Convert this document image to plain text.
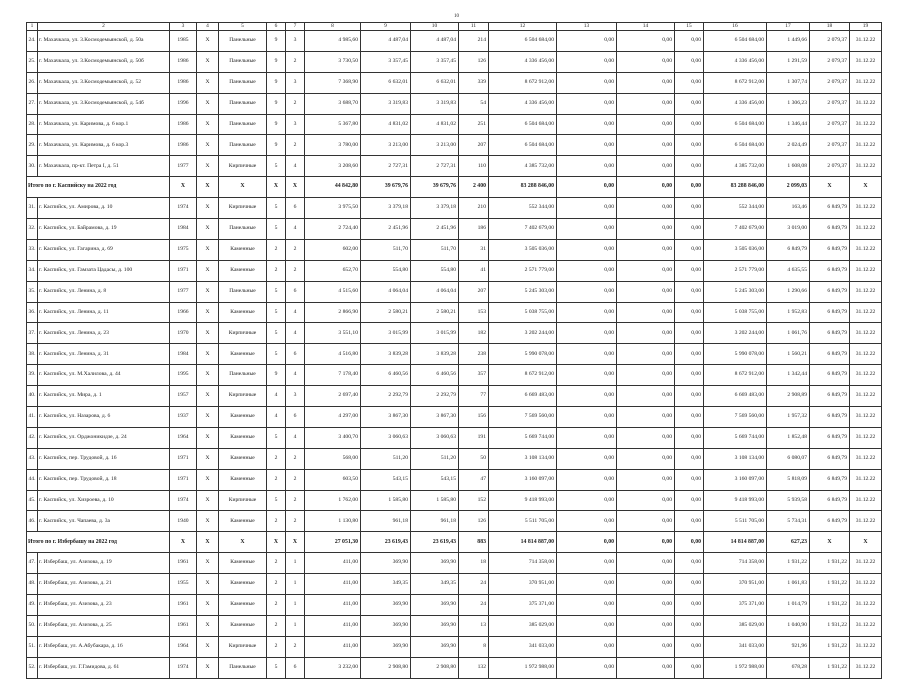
10
1	2	3	4	5	6	7	8	9	10	11	12	13	14	15	16	17	18	19
24.	г. Махачкала, ул. 3.Космодемьянской, д. 50а	1985	X	Панельные	9	3	4 985,60	4 487,04	4 487,04	214	6 504 684,00	0,00	0,00	0,00	6 504 684,00	1 449,66	2 079,37	31.12.22
25.	г. Махачкала, ул. 3.Космодемьянской, д. 50б	1986	X	Панельные	9	2	3 730,50	3 357,45	3 357,45	126	4 336 456,00	0,00	0,00	0,00	4 336 456,00	1 291,59	2 079,37	31.12.22
26.	г. Махачкала, ул. 3.Космодемьянской, д. 52	1986	X	Панельные	9	3	7 368,90	6 632,01	6 632,01	339	8 672 912,00	0,00	0,00	0,00	8 672 912,00	1 307,74	2 079,37	31.12.22
27.	г. Махачкала, ул. 3.Космодемьянской, д. 54б	1996	X	Панельные	9	2	3 688,70	3 319,83	3 319,83	54	4 336 456,00	0,00	0,00	0,00	4 336 456,00	1 306,23	2 079,37	31.12.22
28.	г. Махачкала, ул. Каримова, д. 6 кор.1	1986	X	Панельные	9	3	5 367,80	4 831,02	4 831,02	251	6 504 684,00	0,00	0,00	0,00	6 504 684,00	1 346,44	2 079,37	31.12.22
29.	г. Махачкала, ул. Каримова, д. 6 кор.3	1986	X	Панельные	9	2	3 780,00	3 213,00	3 213,00	207	6 504 684,00	0,00	0,00	0,00	6 504 684,00	2 024,49	2 079,37	31.12.22
30.	г. Махачкала, пр-кт. Петра I, д. 51	1977	X	Кирпичные	5	4	3 208,60	2 727,31	2 727,31	110	4 385 732,00	0,00	0,00	0,00	4 385 732,00	1 608,08	2 079,37	31.12.22
Итого по г. Каспийску на 2022 год		X	X	X	X	X	44 842,80	39 679,76	39 679,76	2 400	83 288 846,00	0,00	0,00	0,00	83 288 846,00	2 099,03	X	X
31.	г. Каспийск, ул. Амирова, д. 10	1974	X	Кирпичные	5	6	3 975,50	3 379,18	3 379,18	210	552 344,00	0,00	0,00	0,00	552 344,00	163,46	6 849,79	31.12.22
32.	г. Каспийск, ул. Байрамова, д. 19	1984	X	Панельные	5	4	2 724,40	2 451,96	2 451,96	186	7 402 679,00	0,00	0,00	0,00	7 402 679,00	3 019,00	6 849,79	31.12.22
33.	г. Каспийск, ул. Гагарина, д. 69	1975	X	Каменные	2	2	602,00	511,70	511,70	31	3 505 036,00	0,00	0,00	0,00	3 505 036,00	6 849,79	6 849,79	31.12.22
34.	г. Каспийск, ул. Гамзата Цадасы, д. 100	1971	X	Каменные	2	2	652,70	554,80	554,80	41	2 571 779,00	0,00	0,00	0,00	2 571 779,00	4 635,55	6 849,79	31.12.22
35.	г. Каспийск, ул. Ленина, д. 8	1977	X	Панельные	5	6	4 515,60	4 064,04	4 064,04	207	5 245 303,00	0,00	0,00	0,00	5 245 303,00	1 290,66	6 849,79	31.12.22
36.	г. Каспийск, ул. Ленина, д. 11	1966	X	Каменные	5	4	2 866,90	2 580,21	2 580,21	153	5 038 755,00	0,00	0,00	0,00	5 038 755,00	1 952,83	6 849,79	31.12.22
37.	г. Каспийск, ул. Ленина, д. 23	1970	X	Кирпичные	5	4	3 551,10	3 015,99	3 015,99	182	3 202 244,00	0,00	0,00	0,00	3 202 244,00	1 061,76	6 849,79	31.12.22
38.	г. Каспийск, ул. Ленина, д. 31	1984	X	Каменные	5	6	4 516,80	3 839,28	3 839,28	238	5 990 078,00	0,00	0,00	0,00	5 990 078,00	1 560,21	6 849,79	31.12.22
39.	г. Каспийск, ул. М.Халилова, д. 44	1995	X	Панельные	9	4	7 178,40	6 460,56	6 460,56	357	8 672 912,00	0,00	0,00	0,00	8 672 912,00	1 342,44	6 849,79	31.12.22
40.	г. Каспийск, ул. Мира, д. 1	1957	X	Кирпичные	4	3	2 697,40	2 292,79	2 292,79	77	6 669 483,00	0,00	0,00	0,00	6 669 483,00	2 908,89	6 849,79	31.12.22
41.	г. Каспийск, ул. Назарова, д. 6	1937	X	Каменные	4	6	4 297,00	3 867,30	3 867,30	156	7 569 560,00	0,00	0,00	0,00	7 569 560,00	1 957,32	6 849,79	31.12.22
42.	г. Каспийск, ул. Орджоникидзе, д. 24	1964	X	Каменные	5	4	3 400,70	3 060,63	3 060,63	191	5 669 744,00	0,00	0,00	0,00	5 669 744,00	1 852,48	6 849,79	31.12.22
43.	г. Каспийск, пер. Трудовой, д. 16	1971	X	Каменные	2	2	568,00	511,20	511,20	50	3 108 134,00	0,00	0,00	0,00	3 108 134,00	6 080,07	6 849,79	31.12.22
44.	г. Каспийск, пер. Трудовой, д. 18	1971	X	Каменные	2	2	603,50	543,15	543,15	47	3 160 097,00	0,00	0,00	0,00	3 160 097,00	5 818,09	6 849,79	31.12.22
45.	г. Каспийск, ул. Хизроева, д. 10	1974	X	Кирпичные	5	2	1 762,00	1 585,80	1 585,80	152	9 418 993,00	0,00	0,00	0,00	9 418 993,00	5 939,58	6 849,79	31.12.22
46.	г. Каспийск, ул. Чапаева, д. 3а	1940	X	Каменные	2	2	1 130,80	961,18	961,18	126	5 511 705,00	0,00	0,00	0,00	5 511 705,00	5 734,31	6 849,79	31.12.22
Итого по г. Избербашу на 2022 год		X	X	X	X	X	27 051,30	23 619,43	23 619,43	883	14 814 887,00	0,00	0,00	0,00	14 814 887,00	627,23	X	X
47.	г. Избербаш, ул. Азизова, д. 19	1961	X	Каменные	2	1	411,00	369,90	369,90	18	714 358,00	0,00	0,00	0,00	714 358,00	1 931,22	1 931,22	31.12.22
48.	г. Избербаш, ул. Азизова, д. 21	1955	X	Каменные	2	1	411,00	349,35	349,35	24	370 951,00	0,00	0,00	0,00	370 951,00	1 061,83	1 931,22	31.12.22
49.	г. Избербаш, ул. Азизова, д. 23	1961	X	Каменные	2	1	411,00	369,90	369,90	24	375 371,00	0,00	0,00	0,00	375 371,00	1 014,79	1 931,22	31.12.22
50.	г. Избербаш, ул. Азизова, д. 25	1961	X	Каменные	2	1	411,00	369,90	369,90	13	385 029,00	0,00	0,00	0,00	385 029,00	1 040,90	1 931,22	31.12.22
51.	г. Избербаш, ул. А.Абубакара, д. 16	1964	X	Кирпичные	2	2	411,00	369,90	369,90	8	341 033,00	0,00	0,00	0,00	341 033,00	921,96	1 931,22	31.12.22
52.	г. Избербаш, ул. Г.Гамидова, д. 61	1974	X	Панельные	5	6	3 232,00	2 908,80	2 908,80	132	1 972 988,00	0,00	0,00	0,00	1 972 988,00	678,28	1 931,22	31.12.22
